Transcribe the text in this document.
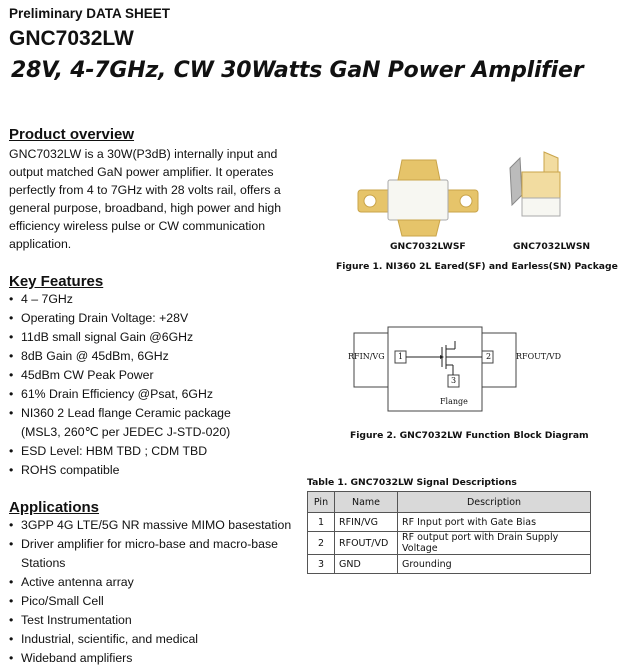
Preliminary DATA SHEET
GNC7032LW
28V, 4-7GHz, CW 30Watts GaN Power Amplifier
Product overview
GNC7032LW is a 30W(P3dB) internally input and
output matched GaN power amplifier. It operates
perfectly from 4 to 7GHz with 28 volts rail, offers a
general purpose, broadband, high power and high
efficiency wireless pulse or CW communication
application.
Key Features
• 4 – 7GHz
• Operating Drain Voltage: +28V
• 11dB small signal Gain @6GHz
• 8dB Gain @ 45dBm, 6GHz
• 45dBm CW Peak Power
• 61% Drain Efficiency @Psat, 6GHz
• NI360 2 Lead flange Ceramic package
(MSL3, 260℃ per JEDEC J-STD-020)
• ESD Level: HBM TBD ; CDM TBD
• ROHS compatible
Applications
• 3GPP 4G LTE/5G NR massive MIMO basestation
• Driver amplifier for micro-base and macro-base
Stations
• Active antenna array
• Pico/Small Cell
• Test Instrumentation
• Industrial, scientific, and medical
• Wideband amplifiers
GNC7032LWSF	GNC7032LWSN
Figure 1. NI360 2L Eared(SF) and Earless(SN) Package
RFIN/VG	RFOUT/VD
1	2
3
Flange
Figure 2. GNC7032LW Function Block Diagram
Table 1. GNC7032LW Signal Descriptions
Pin	Name	Description
1	RFIN/VG	RF Input port with Gate Bias
2	RFOUT/VD	RF output port with Drain Supply Voltage
3	GND	Grounding
